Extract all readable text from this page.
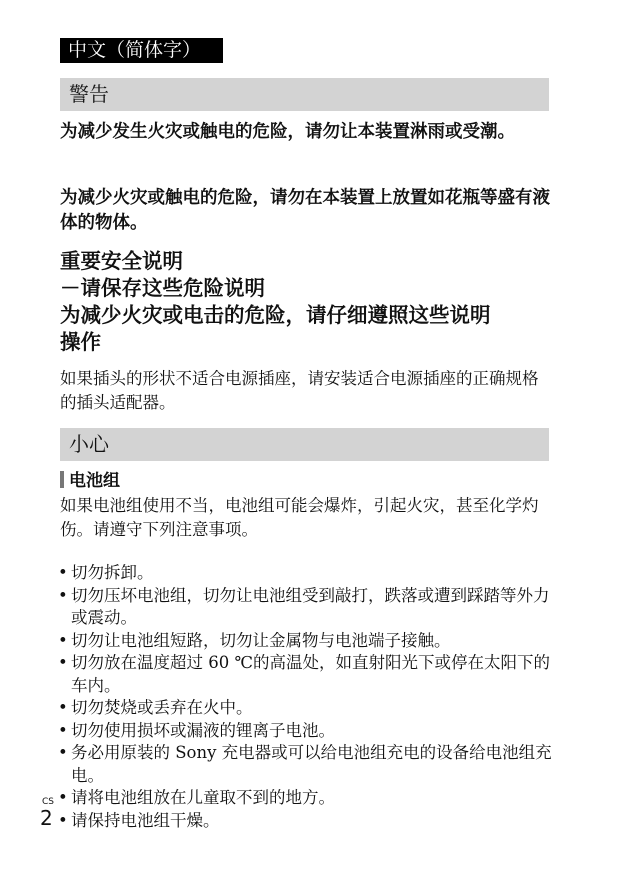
中文（简体字）
警告

为减少发生火灾或触电的危险，请勿让本装置淋雨或受潮。

为减少火灾或触电的危险，请勿在本装置上放置如花瓶等盛有液体的物体。

重要安全说明
－请保存这些危险说明
为减少火灾或电击的危险，请仔细遵照这些说明
操作

如果插头的形状不适合电源插座，请安装适合电源插座的正确规格的插头适配器。

小心
电池组

如果电池组使用不当，电池组可能会爆炸，引起火灾，甚至化学灼伤。请遵守下列注意事项。

• 切勿拆卸。
• 切勿压坏电池组，切勿让电池组受到敲打，跌落或遭到踩踏等外力或震动。
• 切勿让电池组短路，切勿让金属物与电池端子接触。
• 切勿放在温度超过 60 ℃的高温处，如直射阳光下或停在太阳下的车内。
• 切勿焚烧或丢弃在火中。
• 切勿使用损坏或漏液的锂离子电池。
• 务必用原装的 Sony 充电器或可以给电池组充电的设备给电池组充电。
• 请将电池组放在儿童取不到的地方。
• 请保持电池组干燥。
CS
2
